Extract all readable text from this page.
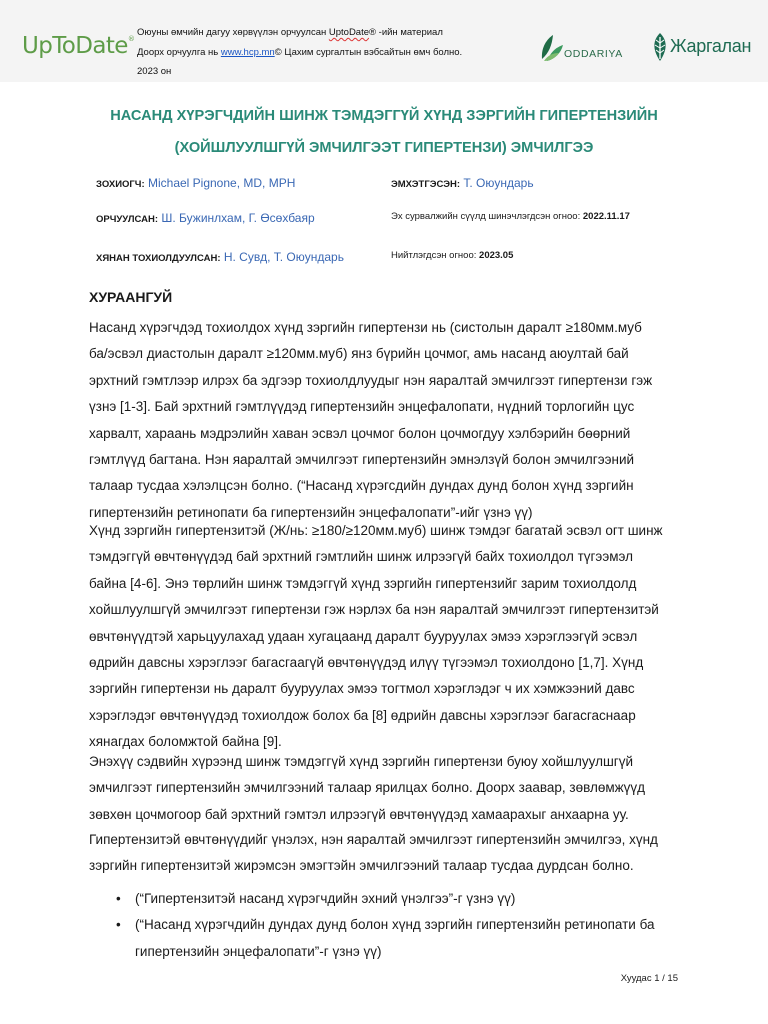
UpToDate®
Оюуны өмчийн дагуу хөрвүүлэн орчуулсан UptoDate® -ийн материал
Доорх орчуулга нь www.hcp.mn© Цахим сургалтын вэбсайтын өмч болно.
2023 он
ODDARIYA	Жаргалан
НАСАНД ХҮРЭГЧДИЙН ШИНЖ ТЭМДЭГГҮЙ ХҮНД ЗЭРГИЙН ГИПЕРТЕНЗИЙН
(ХОЙШЛУУЛШГҮЙ ЭМЧИЛГЭЭТ ГИПЕРТЕНЗИ) ЭМЧИЛГЭЭ
ЗОХИОГЧ: Michael Pignone, MD, MPH	ЭМХЭТГЭСЭН: Т. Оюундарь
ОРЧУУЛСАН: Ш. Бужинлхам, Г. Өсөхбаяр	Эх сурвалжийн сүүлд шинэчлэгдсэн огноо: 2022.11.17
ХЯНАН ТОХИОЛДУУЛСАН: Н. Сувд, Т. Оюундарь	Нийтлэгдсэн огноо: 2023.05
ХУРААНГУЙ
Насанд хүрэгчдэд тохиолдох хүнд зэргийн гипертензи нь (систолын даралт ≥180мм.муб
ба/эсвэл диастолын даралт ≥120мм.муб) янз бүрийн цочмог, амь насанд аюултай бай
эрхтний гэмтлээр илрэх ба эдгээр тохиолдлуудыг нэн яаралтай эмчилгээт гипертензи гэж
үзнэ [1-3]. Бай эрхтний гэмтлүүдэд гипертензийн энцефалопати, нүдний торлогийн цус
харвалт, хараань мэдрэлийн хаван эсвэл цочмог болон цочмогдуу хэлбэрийн бөөрний
гэмтлүүд багтана. Нэн яаралтай эмчилгээт гипертензийн эмнэлзүй болон эмчилгээний
талаар тусдаа хэлэлцсэн болно. (“Насанд хүрэгсдийн дундах дунд болон хүнд зэргийн
гипертензийн ретинопати ба гипертензийн энцефалопати”-ийг үзнэ үү)
Хүнд зэргийн гипертензитэй (Ж/нь: ≥180/≥120мм.муб) шинж тэмдэг багатай эсвэл огт шинж
тэмдэггүй өвчтөнүүдэд бай эрхтний гэмтлийн шинж илрээгүй байх тохиолдол түгээмэл
байна [4-6]. Энэ төрлийн шинж тэмдэггүй хүнд зэргийн гипертензийг зарим тохиолдолд
хойшлуулшгүй эмчилгээт гипертензи гэж нэрлэх ба нэн яаралтай эмчилгээт гипертензитэй
өвчтөнүүдтэй харьцуулахад удаан хугацаанд даралт бууруулах эмээ хэрэглээгүй эсвэл
өдрийн давсны хэрэглээг багасгаагүй өвчтөнүүдэд илүү түгээмэл тохиолдоно [1,7]. Хүнд
зэргийн гипертензи нь даралт бууруулах эмээ тогтмол хэрэглэдэг ч их хэмжээний давс
хэрэглэдэг өвчтөнүүдэд тохиолдож болох ба [8] өдрийн давсны хэрэглээг багасгаснаар
хянагдах боломжтой байна [9].
Энэхүү сэдвийн хүрээнд шинж тэмдэггүй хүнд зэргийн гипертензи буюу хойшлуулшгүй
эмчилгээт гипертензийн эмчилгээний талаар ярилцах болно. Доорх заавар, зөвлөмжүүд
зөвхөн цочмогоор бай эрхтний гэмтэл илрээгүй өвчтөнүүдэд хамаарахыг анхаарна уу.
Гипертензитэй өвчтөнүүдийг үнэлэх, нэн яаралтай эмчилгээт гипертензийн эмчилгээ, хүнд
зэргийн гипертензитэй жирэмсэн эмэгтэйн эмчилгээний талаар тусдаа дурдсан болно.
• (“Гипертензитэй насанд хүрэгчдийн эхний үнэлгээ”-г үзнэ үү)
• (“Насанд хүрэгчдийн дундах дунд болон хүнд зэргийн гипертензийн ретинопати ба
гипертензийн энцефалопати”-г үзнэ үү)
Хуудас 1 / 15
